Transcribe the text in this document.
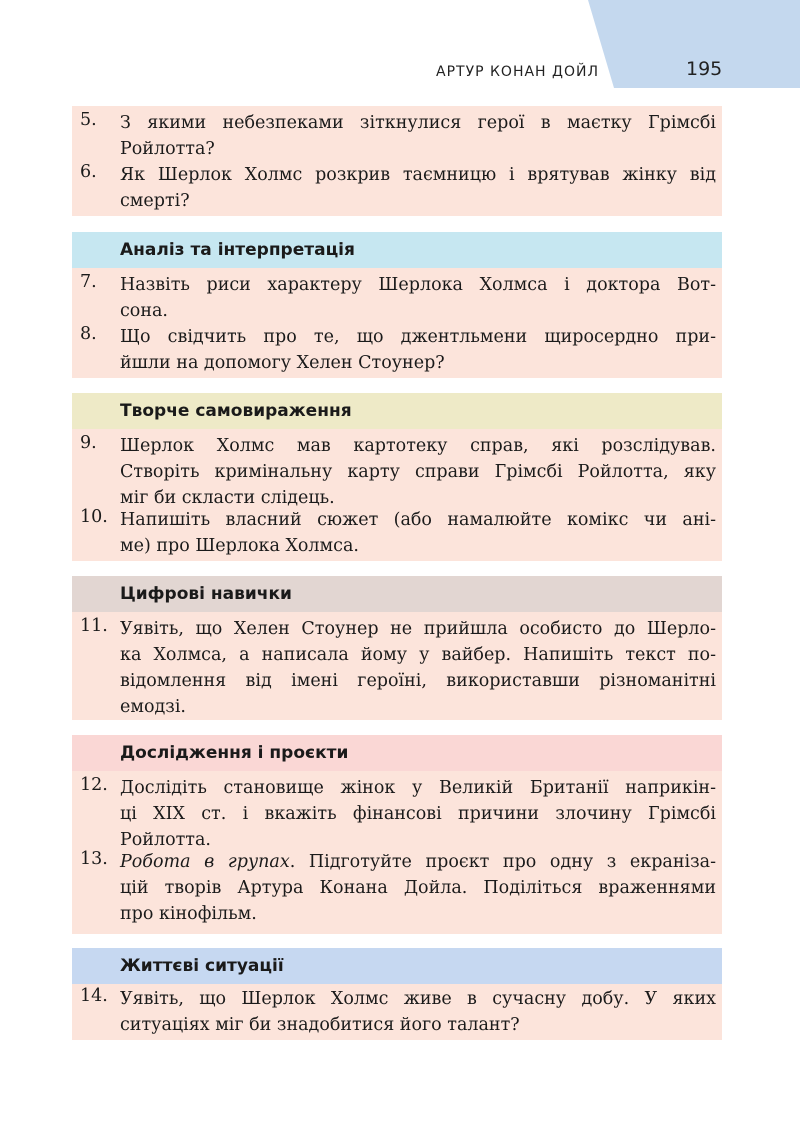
АРТУР КОНАН ДОЙЛ	195
5. З якими небезпеками зіткнулися герої в маєтку Грімсбі
Ройлотта?
6. Як Шерлок Холмс розкрив таємницю і врятував жінку від
смерті?
Аналіз та інтерпретація
7. Назвіть риси характеру Шерлока Холмса і доктора Вот-
сона.
8. Що свідчить про те, що джентльмени щиросердно при-
йшли на допомогу Хелен Стоунер?
Творче самовираження
9. Шерлок Холмс мав картотеку справ, які розслідував.
Створіть кримінальну карту справи Грімсбі Ройлотта, яку
міг би скласти слідець.
10. Напишіть власний сюжет (або намалюйте комікс чи ані-
ме) про Шерлока Холмса.
Цифрові навички
11. Уявіть, що Хелен Стоунер не прийшла особисто до Шерло-
ка Холмса, а написала йому у вайбер. Напишіть текст по-
відомлення від імені героїні, використавши різноманітні
емодзі.
Дослідження і проєкти
12. Дослідіть становище жінок у Великій Британії наприкін-
ці XIX ст. і вкажіть фінансові причини злочину Грімсбі
Ройлотта.
13. Робота в групах. Підготуйте проєкт про одну з екраніза-
цій творів Артура Конана Дойла. Поділіться враженнями
про кінофільм.
Життєві ситуації
14. Уявіть, що Шерлок Холмс живе в сучасну добу. У яких
ситуаціях міг би знадобитися його талант?
